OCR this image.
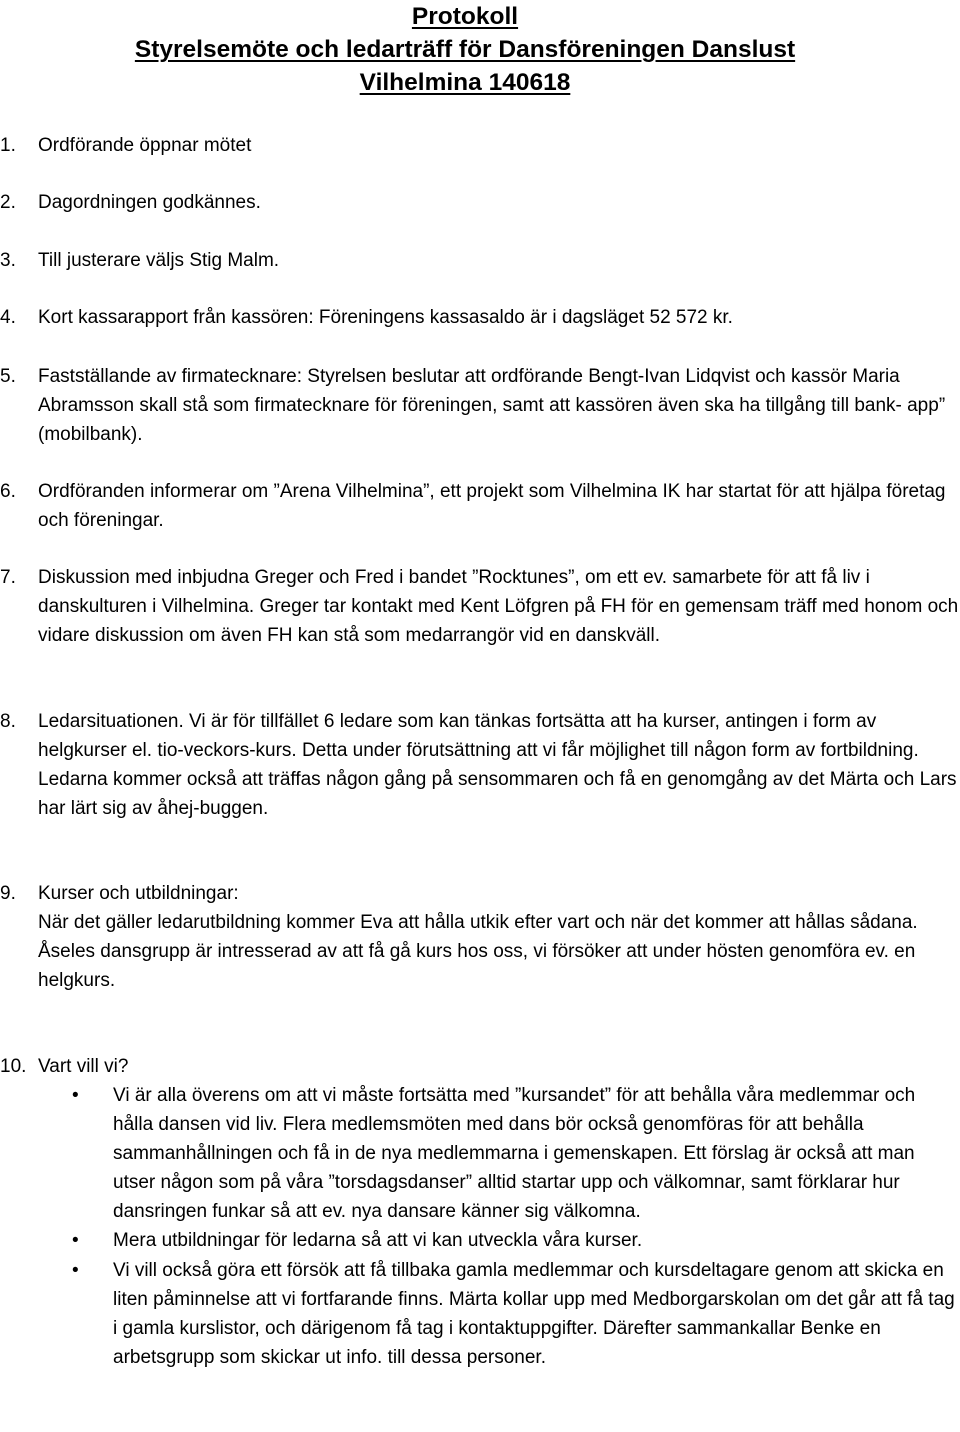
Protokoll
Styrelsemöte och ledarträff för Dansföreningen Danslust
Vilhelmina 140618
1.	Ordförande öppnar mötet
2.	Dagordningen godkännes.
3.	Till justerare väljs Stig Malm.
4.	Kort kassarapport från kassören: Föreningens kassasaldo är i dagsläget 52 572 kr.
5.	Fastställande av firmatecknare: Styrelsen beslutar att ordförande Bengt-Ivan Lidqvist och kassör Maria Abramsson skall stå som firmatecknare för föreningen, samt att kassören även ska ha tillgång till bank- app” (mobilbank).
6.	Ordföranden informerar om ”Arena Vilhelmina”, ett projekt som Vilhelmina IK har startat för att hjälpa företag och föreningar.
7.	Diskussion med inbjudna Greger och Fred i bandet ”Rocktunes”, om ett ev. samarbete för att få liv i danskulturen i Vilhelmina. Greger tar kontakt med Kent Löfgren på FH för en gemensam träff med honom och vidare diskussion om även FH kan stå som medarrangör vid en danskväll.
8.	Ledarsituationen. Vi är för tillfället 6 ledare som kan tänkas fortsätta att ha kurser, antingen i form av helgkurser el. tio-veckors-kurs. Detta under förutsättning att vi får möjlighet till någon form av fortbildning. Ledarna kommer också att träffas någon gång på sensommaren och få en genomgång av det Märta och Lars har lärt sig av åhej-buggen.
9.	Kurser och utbildningar:
När det gäller ledarutbildning kommer Eva att hålla utkik efter vart och när det kommer att hållas sådana.
Åseles dansgrupp är intresserad av att få gå kurs hos oss, vi försöker att under hösten genomföra ev. en helgkurs.
10. Vart vill vi?
•	Vi är alla överens om att vi måste fortsätta med ”kursandet” för att behålla våra medlemmar och hålla dansen vid liv. Flera medlemsmöten med dans bör också genomföras för att behålla sammanhållningen och få in de nya medlemmarna i gemenskapen. Ett förslag är också att man utser någon som på våra ”torsdagsdanser” alltid startar upp och välkomnar, samt förklarar hur dansringen funkar så att ev. nya dansare känner sig välkomna.
•	Mera utbildningar för ledarna så att vi kan utveckla våra kurser.
•	Vi vill också göra ett försök att få tillbaka gamla medlemmar och kursdeltagare genom att skicka en liten påminnelse att vi fortfarande finns. Märta kollar upp med Medborgarskolan om det går att få tag i gamla kurslistor, och därigenom få tag i kontaktuppgifter. Därefter sammankallar Benke en arbetsgrupp som skickar ut info. till dessa personer.
